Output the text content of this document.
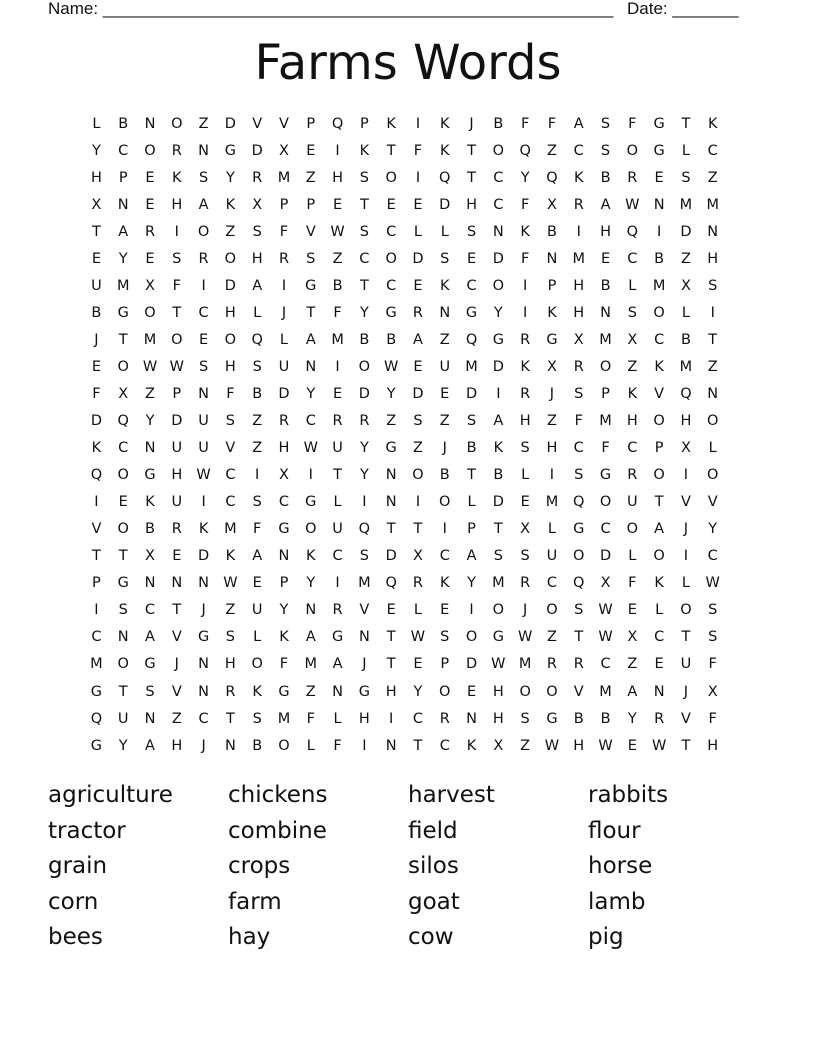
Name: ______________________________________________________ Date: _______
Farms Words
L	B	N	O	Z	D	V	V	P	Q	P	K	I	K	J	B	F	F	A	S	F	G	T	K
Y	C	O	R	N	G	D	X	E	I	K	T	F	K	T	O	Q	Z	C	S	O	G	L	C
H	P	E	K	S	Y	R	M	Z	H	S	O	I	Q	T	C	Y	Q	K	B	R	E	S	Z
X	N	E	H	A	K	X	P	P	E	T	E	E	D	H	C	F	X	R	A	W N	M M
T	A	R	I	O	Z	S	F	V	W	S	C	L	L	S	N	K	B	I	H	Q	I	D	N
E	Y	E	S	R	O	H	R	S	Z	C	O	D	S	E	D	F	N	M	E	C	B	Z	H
U	M	X	F	I	D	A	I	G	B	T	C	E	K	C	O	I	P	H	B	L	M	X	S
B	G	O	T	C	H	L	J	T	F	Y	G	R	N	G	Y	I	K	H	N	S	O	L	I
J	T	M	O	E	O	Q	L	A	M	B	B	A	Z	Q	G	R	G	X	M	X	C	B	T
E	O W W	S	H	S	U	N	I	O W	E	U	M	D	K	X	R	O	Z	K	M	Z
F	X	Z	P	N	F	B	D	Y	E	D	Y	D	E	D	I	R	J	S	P	K	V	Q	N
D	Q	Y	D	U	S	Z	R	C	R	R	Z	S	Z	S	A	H	Z	F	M	H	O	H	O
K	C	N	U	U	V	Z	H W U	Y	G	Z	J	B	K	S	H	C	F	C	P	X	L
Q	O	G	H W	C	I	X	I	T	Y	N	O	B	T	B	L	I	S	G	R	O	I	O
I	E	K	U	I	C	S	C	G	L	I	N	I	O	L	D	E	M	Q	O	U	T	V	V
V	O	B	R	K	M	F	G	O	U	Q	T	T	I	P	T	X	L	G	C	O	A	J	Y
T	T	X	E	D	K	A	N	K	C	S	D	X	C	A	S	S	U	O	D	L	O	I	C
P	G	N	N	N W	E	P	Y	I	M	Q	R	K	Y	M	R	C	Q	X	F	K	L	W
I	S	C	T	J	Z	U	Y	N	R	V	E	L	E	I	O	J	O	S	W	E	L	O	S
C	N	A	V	G	S	L	K	A	G	N	T	W	S	O	G W	Z	T	W	X	C	T	S
M	O	G	J	N	H	O	F	M	A	J	T	E	P	D W M	R	R	C	Z	E	U	F
G	T	S	V	N	R	K	G	Z	N	G	H	Y	O	E	H	O	O	V	M	A	N	J	X
Q	U	N	Z	C	T	S	M	F	L	H	I	C	R	N	H	S	G	B	B	Y	R	V	F
G	Y	A	H	J	N	B	O	L	F	I	N	T	C	K	X	Z	W H W	E	W	T	H
agriculture	chickens	harvest	rabbits
tractor	combine	field	flour
grain	crops	silos	horse
corn	farm	goat	lamb
bees	hay	cow	pig
